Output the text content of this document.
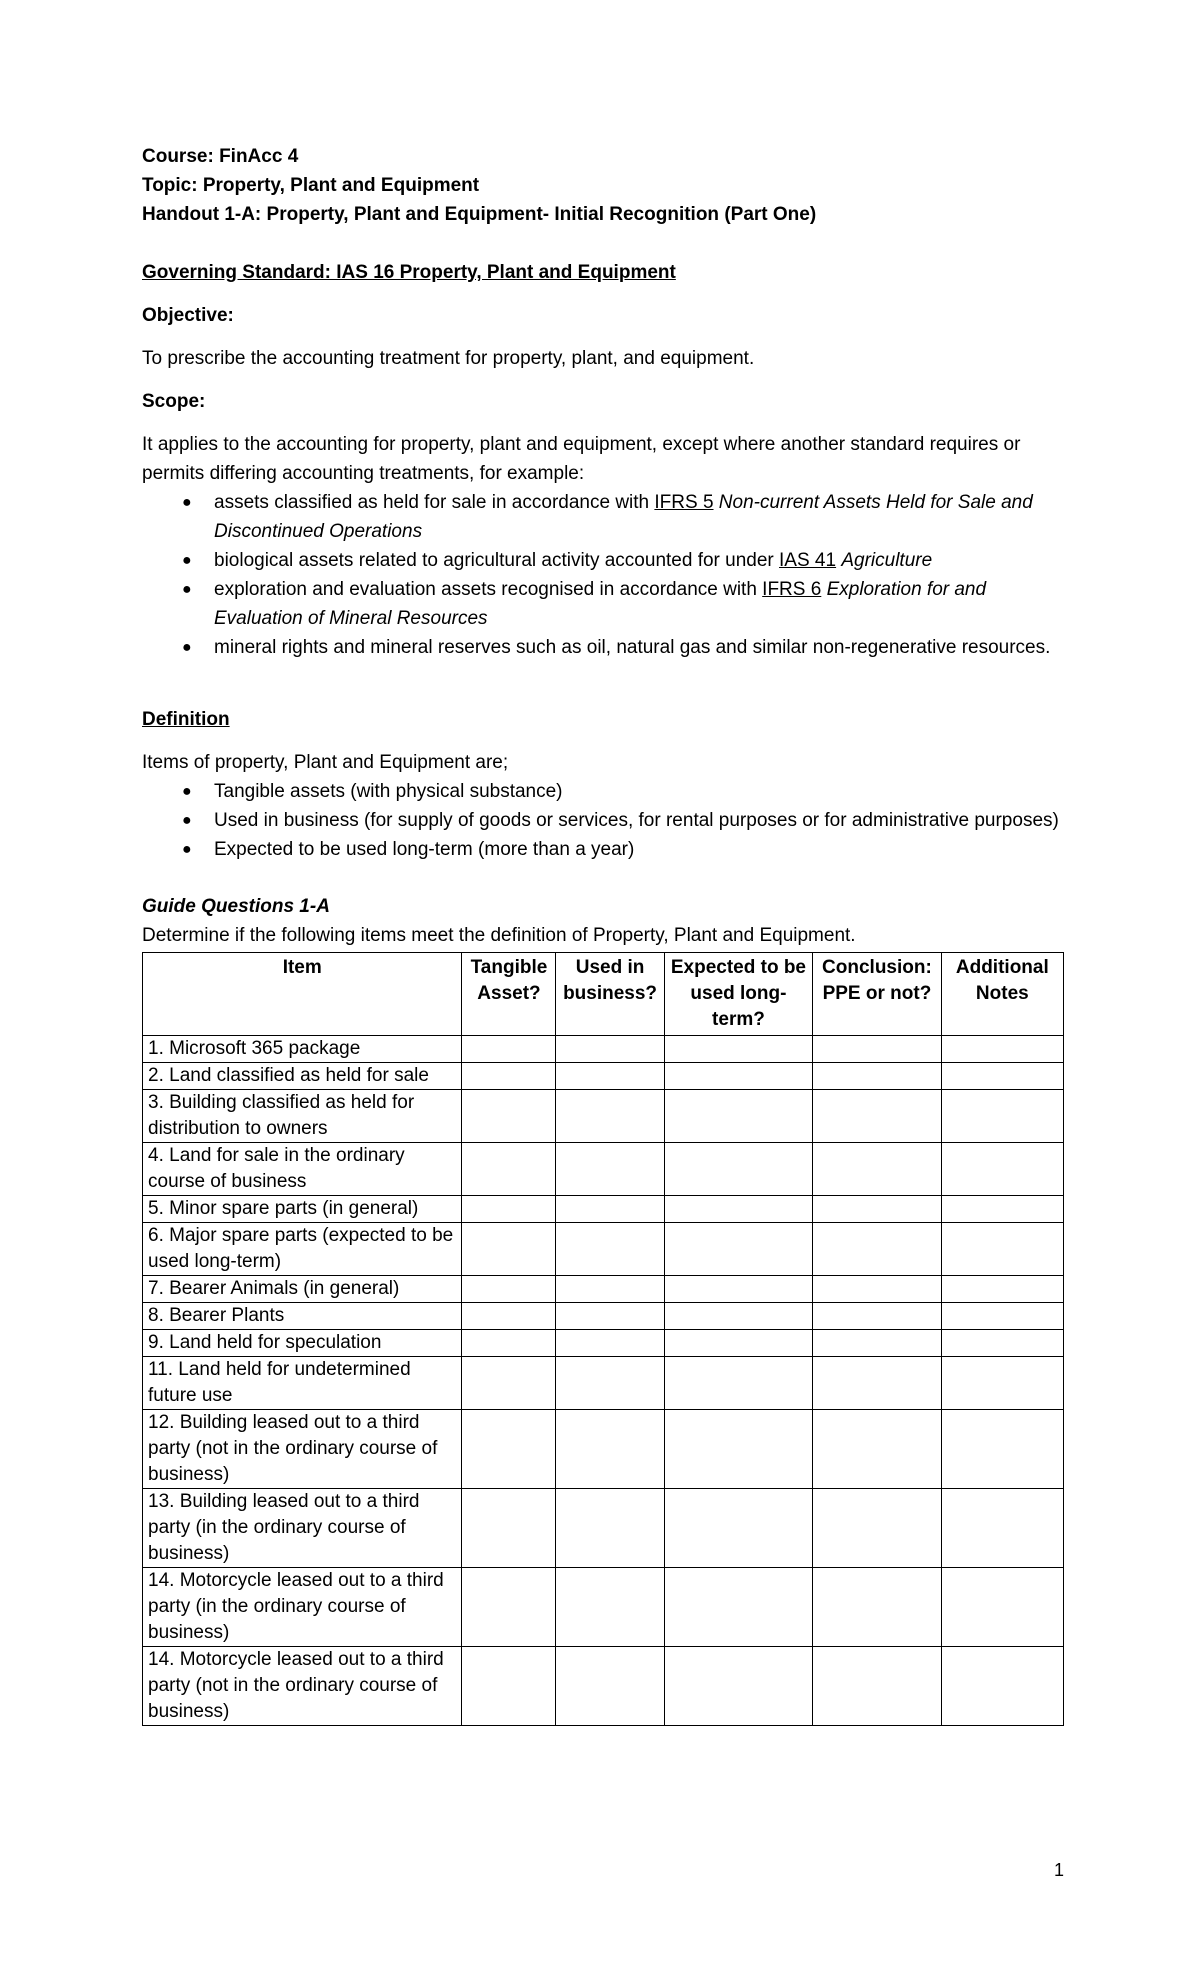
Course: FinAcc 4

Topic: Property, Plant and Equipment

Handout 1-A: Property, Plant and Equipment- Initial Recognition (Part One)

Governing Standard: IAS 16 Property, Plant and Equipment

Objective:

To prescribe the accounting treatment for property, plant, and equipment.

Scope:

It applies to the accounting for property, plant and equipment, except where another standard requires or permits differing accounting treatments, for example:

● assets classified as held for sale in accordance with IFRS 5 Non-current Assets Held for Sale and Discontinued Operations
● biological assets related to agricultural activity accounted for under IAS 41 Agriculture
● exploration and evaluation assets recognised in accordance with IFRS 6 Exploration for and Evaluation of Mineral Resources
● mineral rights and mineral reserves such as oil, natural gas and similar non-regenerative resources.

Definition

Items of property, Plant and Equipment are;

● Tangible assets (with physical substance)
● Used in business (for supply of goods or services, for rental purposes or for administrative purposes)
● Expected to be used long-term (more than a year)

Guide Questions 1-A

Determine if the following items meet the definition of Property, Plant and Equipment.

Item	Tangible Asset?	Used in business?	Expected to be used long-term?	Conclusion: PPE or not?	Additional Notes
1. Microsoft 365 package					
2. Land classified as held for sale					
3. Building classified as held for distribution to owners					
4. Land for sale in the ordinary course of business					
5. Minor spare parts (in general)					
6. Major spare parts (expected to be used long-term)					
7. Bearer Animals (in general)					
8. Bearer Plants					
9. Land held for speculation					
11. Land held for undetermined future use					
12. Building leased out to a third party (not in the ordinary course of business)					
13. Building leased out to a third party (in the ordinary course of business)					
14. Motorcycle leased out to a third party (in the ordinary course of business)					
14. Motorcycle leased out to a third party (not in the ordinary course of business)					
1
